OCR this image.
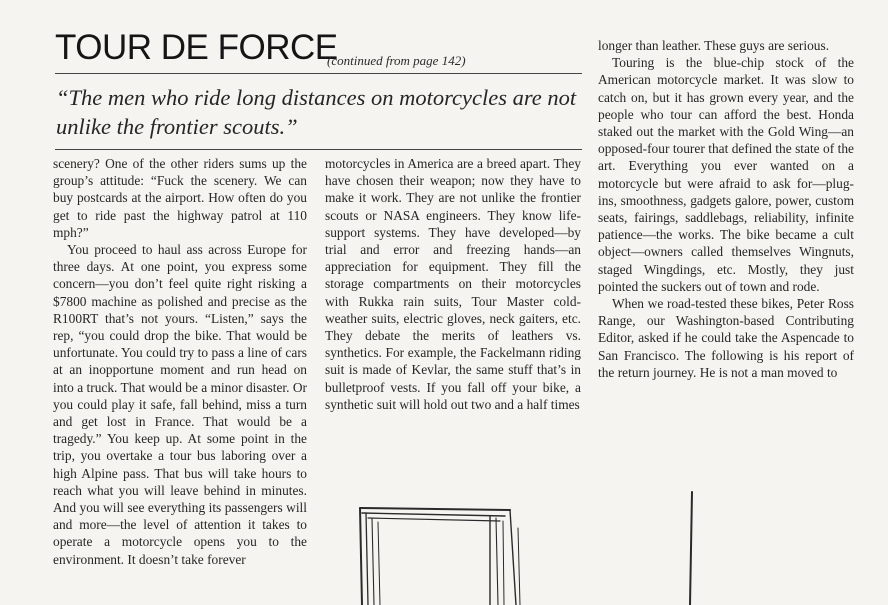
TOUR DE FORCE
(continued from page 142)
“The men who ride long distances on motorcycles are not unlike the frontier scouts.”

scenery? One of the other riders sums up the group’s attitude: “Fuck the scenery. We can buy postcards at the airport. How often do you get to ride past the highway patrol at 110 mph?”

You proceed to haul ass across Europe for three days. At one point, you express some concern—you don’t feel quite right risking a $7800 machine as polished and precise as the R100RT that’s not yours. “Listen,” says the rep, “you could drop the bike. That would be unfortunate. You could try to pass a line of cars at an inopportune moment and run head on into a truck. That would be a minor disaster. Or you could play it safe, fall behind, miss a turn and get lost in France. That would be a tragedy.” You keep up. At some point in the trip, you overtake a tour bus laboring over a high Alpine pass. That bus will take hours to reach what you will leave behind in minutes. And you will see everything its passengers will and more—the level of attention it takes to operate a motorcycle opens you to the environment. It doesn’t take forever

motorcycles in America are a breed apart. They have chosen their weapon; now they have to make it work. They are not unlike the frontier scouts or NASA engineers. They know life-support systems. They have developed—by trial and error and freezing hands—an appreciation for equipment. They fill the storage compartments on their motorcycles with Rukka rain suits, Tour Master cold-weather suits, electric gloves, neck gaiters, etc. They debate the merits of leathers vs. synthetics. For example, the Fackelmann riding suit is made of Kevlar, the same stuff that’s in bulletproof vests. If you fall off your bike, a synthetic suit will hold out two and a half times

longer than leather. These guys are serious.

Touring is the blue-chip stock of the American motorcycle market. It was slow to catch on, but it has grown every year, and the people who tour can afford the best. Honda staked out the market with the Gold Wing—an opposed-four tourer that defined the state of the art. Everything you ever wanted on a motorcycle but were afraid to ask for—plug-ins, smoothness, gadgets galore, power, custom seats, fairings, saddlebags, reliability, infinite patience—the works. The bike became a cult object—owners called themselves Wingnuts, staged Wingdings, etc. Mostly, they just pointed the suckers out of town and rode.

When we road-tested these bikes, Peter Ross Range, our Washington-based Contributing Editor, asked if he could take the Aspencade to San Francisco. The following is his report of the return journey. He is not a man moved to
